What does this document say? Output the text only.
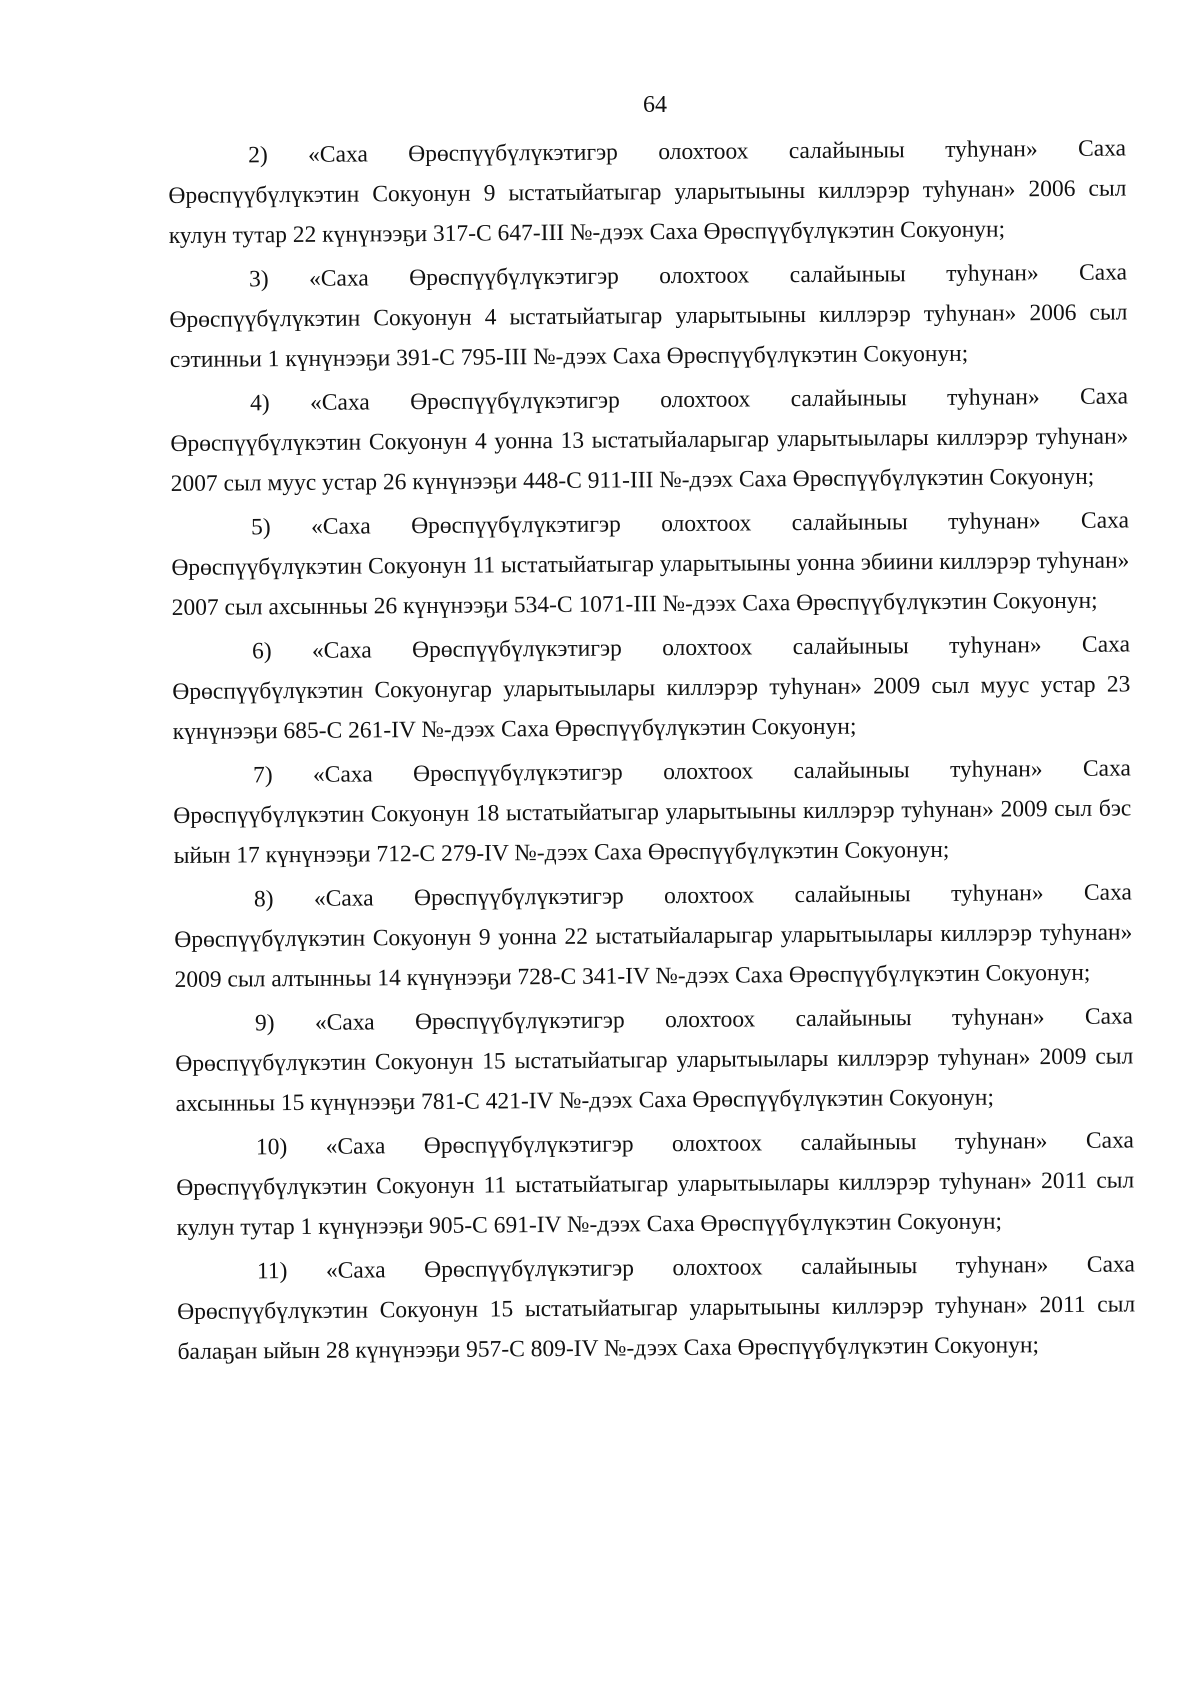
64
2) «Саха Өрөспүүбүлүкэтигэр олохтоох салайыныы туһунан» Саха
Өрөспүүбүлүкэтин Сокуонун 9 ыстатыйатыгар уларытыыны киллэрэр туһунан» 2006 сыл кулун тутар 22 күнүнээҕи 317-С 647-III №-дээх Саха Өрөспүүбүлүкэтин Сокуонун;
3) «Саха Өрөспүүбүлүкэтигэр олохтоох салайыныы туһунан» Саха
Өрөспүүбүлүкэтин Сокуонун 4 ыстатыйатыгар уларытыыны киллэрэр туһунан» 2006 сыл сэтинньи 1 күнүнээҕи 391-С 795-III №-дээх Саха Өрөспүүбүлүкэтин Сокуонун;
4) «Саха Өрөспүүбүлүкэтигэр олохтоох салайыныы туһунан» Саха
Өрөспүүбүлүкэтин Сокуонун 4 уонна 13 ыстатыйаларыгар уларытыылары киллэрэр туһунан» 2007 сыл муус устар 26 күнүнээҕи 448-С 911-III №-дээх Саха Өрөспүүбүлүкэтин Сокуонун;
5) «Саха Өрөспүүбүлүкэтигэр олохтоох салайыныы туһунан» Саха
Өрөспүүбүлүкэтин Сокуонун 11 ыстатыйатыгар уларытыыны уонна эбиини киллэрэр туһунан» 2007 сыл ахсынньы 26 күнүнээҕи 534-С 1071-III №-дээх Саха Өрөспүүбүлүкэтин Сокуонун;
6) «Саха Өрөспүүбүлүкэтигэр олохтоох салайыныы туһунан» Саха
Өрөспүүбүлүкэтин Сокуонугар уларытыылары киллэрэр туһунан» 2009 сыл муус устар 23 күнүнээҕи 685-С 261-IV №-дээх Саха Өрөспүүбүлүкэтин Сокуонун;
7) «Саха Өрөспүүбүлүкэтигэр олохтоох салайыныы туһунан» Саха
Өрөспүүбүлүкэтин Сокуонун 18 ыстатыйатыгар уларытыыны киллэрэр туһунан» 2009 сыл бэс ыйын 17 күнүнээҕи 712-С 279-IV №-дээх Саха Өрөспүүбүлүкэтин Сокуонун;
8) «Саха Өрөспүүбүлүкэтигэр олохтоох салайыныы туһунан» Саха
Өрөспүүбүлүкэтин Сокуонун 9 уонна 22 ыстатыйаларыгар уларытыылары киллэрэр туһунан» 2009 сыл алтынньы 14 күнүнээҕи 728-С 341-IV №-дээх Саха Өрөспүүбүлүкэтин Сокуонун;
9) «Саха Өрөспүүбүлүкэтигэр олохтоох салайыныы туһунан» Саха
Өрөспүүбүлүкэтин Сокуонун 15 ыстатыйатыгар уларытыылары киллэрэр туһунан» 2009 сыл ахсынньы 15 күнүнээҕи 781-С 421-IV №-дээх Саха Өрөспүүбүлүкэтин Сокуонун;
10) «Саха Өрөспүүбүлүкэтигэр олохтоох салайыныы туһунан» Саха
Өрөспүүбүлүкэтин Сокуонун 11 ыстатыйатыгар уларытыылары киллэрэр туһунан» 2011 сыл кулун тутар 1 күнүнээҕи 905-С 691-IV №-дээх Саха Өрөспүүбүлүкэтин Сокуонун;
11) «Саха Өрөспүүбүлүкэтигэр олохтоох салайыныы туһунан» Саха
Өрөспүүбүлүкэтин Сокуонун 15 ыстатыйатыгар уларытыыны киллэрэр туһунан» 2011 сыл балаҕан ыйын 28 күнүнээҕи 957-С 809-IV №-дээх Саха Өрөспүүбүлүкэтин Сокуонун;
